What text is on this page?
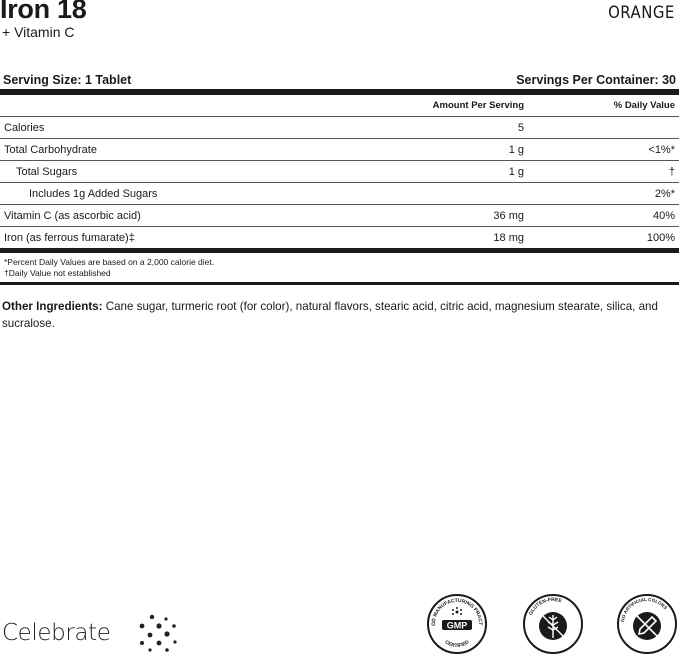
Iron 18
+ Vitamin C
ORANGE
Serving Size: 1 Tablet	Servings Per Container: 30
	Amount Per Serving	% Daily Value
Calories	5	
Total Carbohydrate	1 g	<1%*
Total Sugars	1 g	†
Includes 1g Added Sugars		2%*
Vitamin C (as ascorbic acid)	36 mg	40%
Iron (as ferrous fumarate)‡	18 mg	100%
*Percent Daily Values are based on a 2,000 calorie diet.
†Daily Value not established
Other Ingredients: Cane sugar, turmeric root (for color), natural flavors, stearic acid, citric acid, magnesium stearate, silica, and sucralose.
Celebrate	OD MANUFACTURING PRACT
GMP
CERTIFIED
GLUTEN-FREE
NO ARTIFICIAL COLORS
